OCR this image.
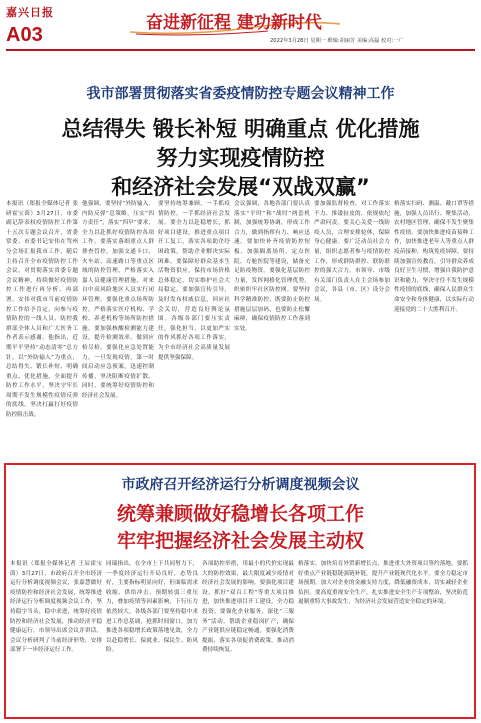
嘉兴日报
A03
奋进新征程 建功新时代
2022年3月28日 星期一 维辑:胡丽芳 美编:高磊 校对:一广
我市部署贯彻落实省委疫情防控专题会议精神工作
总结得失 锻长补短 明确重点 优化措施
努力实现疫情防控
和经济社会发展“双战双赢”
本报讯（郑报全媒体记者 张研霍宝茵）3月27日，市委副记辞表权疫情防控工作第十五次专题会议召开，省委常委、市委书记安伟在驾州分会场汇报我市工作，随后主持召开全市疫情防控工作会议，对贯彻落实省委专题会议精神，持续做好疫情防控工作进行再分析、再部署。安伟对我市当前疫情防控工作给予肯定，向参与疫情防控的一线人员、防控我群部全体人员和广大医务工作者表示感谢。他指出，近期平平坚持“动态清零”总方针，以“外防输入”为重点，总结得失、锻长补短、明确重点、优化措施，全面提升防控工作水平，坚决守牢长周期不发生规模性疫情反弹的底线，坚决打赢打好疫情防控阻击战。
他强调，要坚持“外防输入、内防反弹”总策略，压实“四方责任”，落实“四早”要求，全力以赴抓好疫情防控各项工作。要落实落细重点人群排查管控，加强交通卡口、火车站、高速路口等重点区域的防控管理，严格落实入嘉人员健康管理措施，对来自中高风险地区人员实行闭环管理。要强化重点场所防控，严格落实医疗机构、学校、养老机构等场所防控措施。要加强核酸检测能力建设，提升检测效率，做到应检尽检。要强化应急处置能力，一旦发现疫情，第一时间启动应急预案，迅速控制传播，坚决阻断疫情扩散。同时，要统筹好疫情防控和经济社会发展。
要坚持统筹兼顾，一手抓疫情防控，一手抓经济社会发展。要全力以赴稳增长，抓好项目建设，推进重点项目开工复工，落实各项助企纾困政策，帮助企业解决实际困难。要保障好群众基本生活物资供应，保持市场价格总体稳定，切实维护社会大局稳定。要加强宣传引导，及时发布权威信息，回应社会关切，营造良好舆论氛围。各级各部门要压实责任，强化担当，以更加严实的作风抓好各项工作落实，为全市经济社会高质量发展提供坚强保障。
会议强调，各地各部门要认真落实“平时”和“战时”两套机制，加强统筹协调，形成工作合力，做到指挥有力、响应迅速。要加快补齐疫情防控短板，加强隔离场所、定点医院、方舱医院等建设，储备充足防疫物资。要强化基层防控力量，发挥网格化管理优势，织密织牢社区防控网。要坚持科学精准防控，既要防止防控措施层层加码，也要防止松懈麻痹，确保疫情防控工作落到实处。
要加强监督检查，对工作落实不力、推诿扯皮的，依规依纪严肃问责。要关心关爱一线防疫人员，合理安排轮休，保障身心健康。要广泛动员社会力量，组织志愿者参与疫情防控工作，形成群防群控、联防联控的强大合力。市领导、市级有关部门负责人在主会场参加会议，各县（市、区）设分会场。
格落实扫码、测温、戴口罩等措施，加强人员出行、聚集活动、农村地区管理，确保不发生聚集性疫情。要加快推进疫苗接种工作，加快推进老年人等重点人群疫苗接种，构筑免疫屏障。要持续加强宣传教育，引导群众养成良好卫生习惯，增强自我防护意识和能力，坚决守住不发生规模性疫情的底线，确保人民群众生命安全和身体健康，以实际行动迎接党的二十大胜利召开。
市政府召开经济运行分析调度视频会议
统筹兼顾做好稳增长各项工作
牢牢把握经济社会发展主动权
本报讯（郑报全媒体记者 王辰霍宝茵）3月27日，市政府召开全市经济运行分析调度视频会议，张嘉慧做好疫情防控和经济社会发展，统筹推进经济运行分析调度视频会议工作，坚持稳字当头、稳中求进，统筹好疫情防控和经济社会发展，推动经济平稳健康运行。市领导出席会议并讲话。会议分析研判了当前经济形势，安排部署下一步经济运行工作。
同瑞指出，在全市上下共同努力下，一季度经济运行开局良好，态势良好，主要指标明显向好，但面临需求收缩、供给冲击、预期转弱三重压力，叠加疫情等因素影响，下行压力依然较大。各级各部门要坚持稳中求进工作总基调，抢抓时间窗口，加力推进各项稳增长政策落地见效，全力以赴稳增长、保就业、保民生、防风险。
各项助控举措，用最小的代价实现最大的防控效果，最大限度减少疫情对经济社会发展的影响。要强化项目建设，抓好“双百工程”等重大项目推进，加快推进项目开工建设，全力稳投资。要强化企业服务，深化“三服务”活动，帮助企业稳岗扩产，确保产业链供应链稳定畅通。要强化消费提振，落实各项促消费政策，推动消费持续恢复。
格落实、加快培育外贸新增长点，推进重大外资项目签约落地。要抓好重点产业链稳链强链补链，提升产业链现代化水平。要全力稳定市场预期，加大对企业的金融支持力度，降低融资成本，切实减轻企业负担。要高度重视安全生产，扎实推进安全生产专项整治，坚决防范遏制重特大事故发生，为经济社会发展营造安全稳定的环境。
